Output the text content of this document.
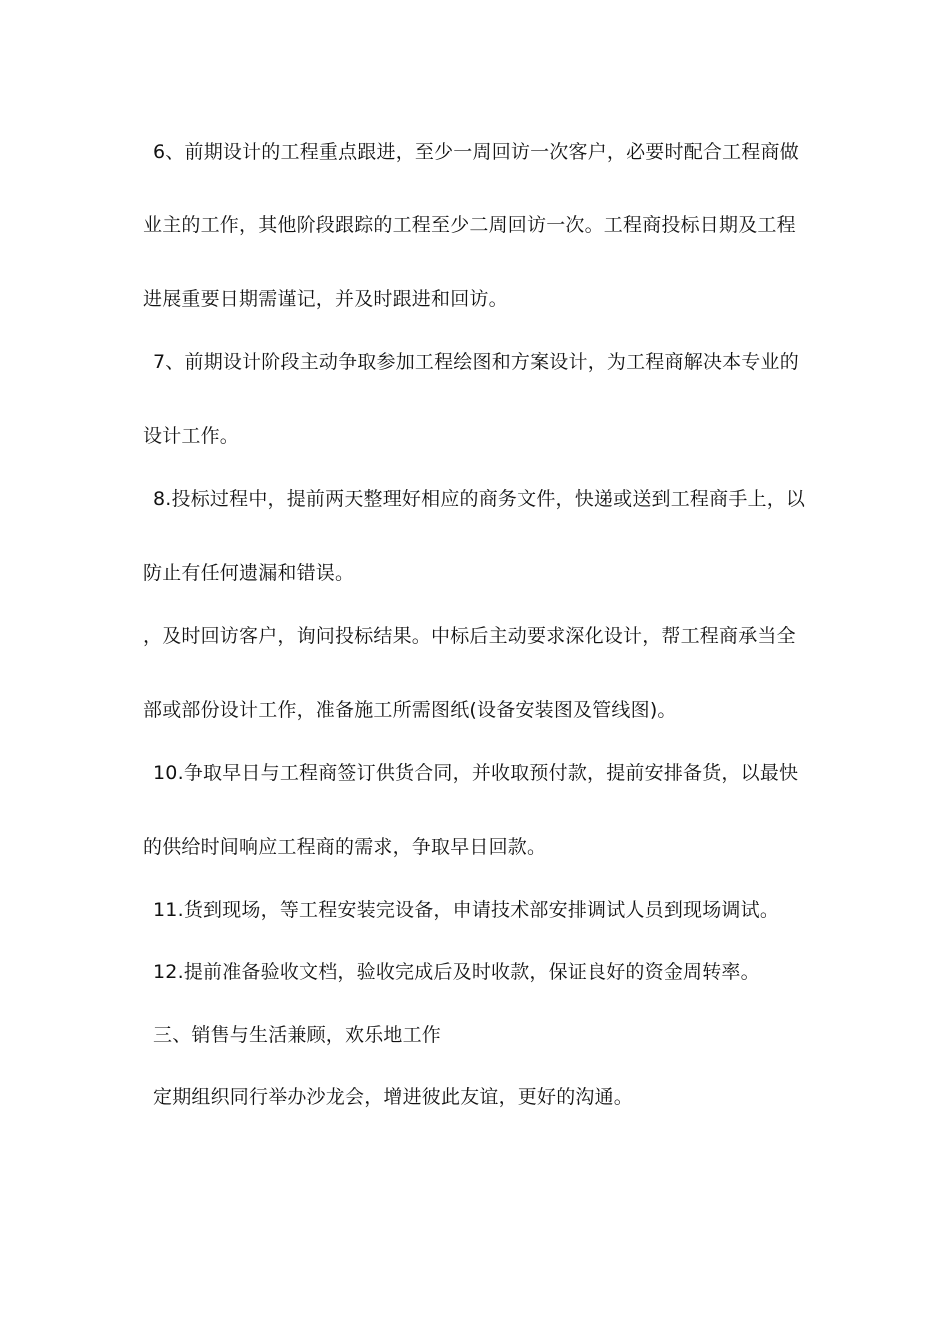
6、前期设计的工程重点跟进，至少一周回访一次客户，必要时配合工程商做
业主的工作，其他阶段跟踪的工程至少二周回访一次。工程商投标日期及工程
进展重要日期需谨记，并及时跟进和回访。
7、前期设计阶段主动争取参加工程绘图和方案设计，为工程商解决本专业的
设计工作。
8.投标过程中，提前两天整理好相应的商务文件，快递或送到工程商手上，以
防止有任何遗漏和错误。
，及时回访客户，询问投标结果。中标后主动要求深化设计，帮工程商承当全
部或部份设计工作，准备施工所需图纸(设备安装图及管线图)。
10.争取早日与工程商签订供货合同，并收取预付款，提前安排备货，以最快
的供给时间响应工程商的需求，争取早日回款。
11.货到现场，等工程安装完设备，申请技术部安排调试人员到现场调试。
12.提前准备验收文档，验收完成后及时收款，保证良好的资金周转率。
三、销售与生活兼顾，欢乐地工作
定期组织同行举办沙龙会，增进彼此友谊，更好的沟通。
